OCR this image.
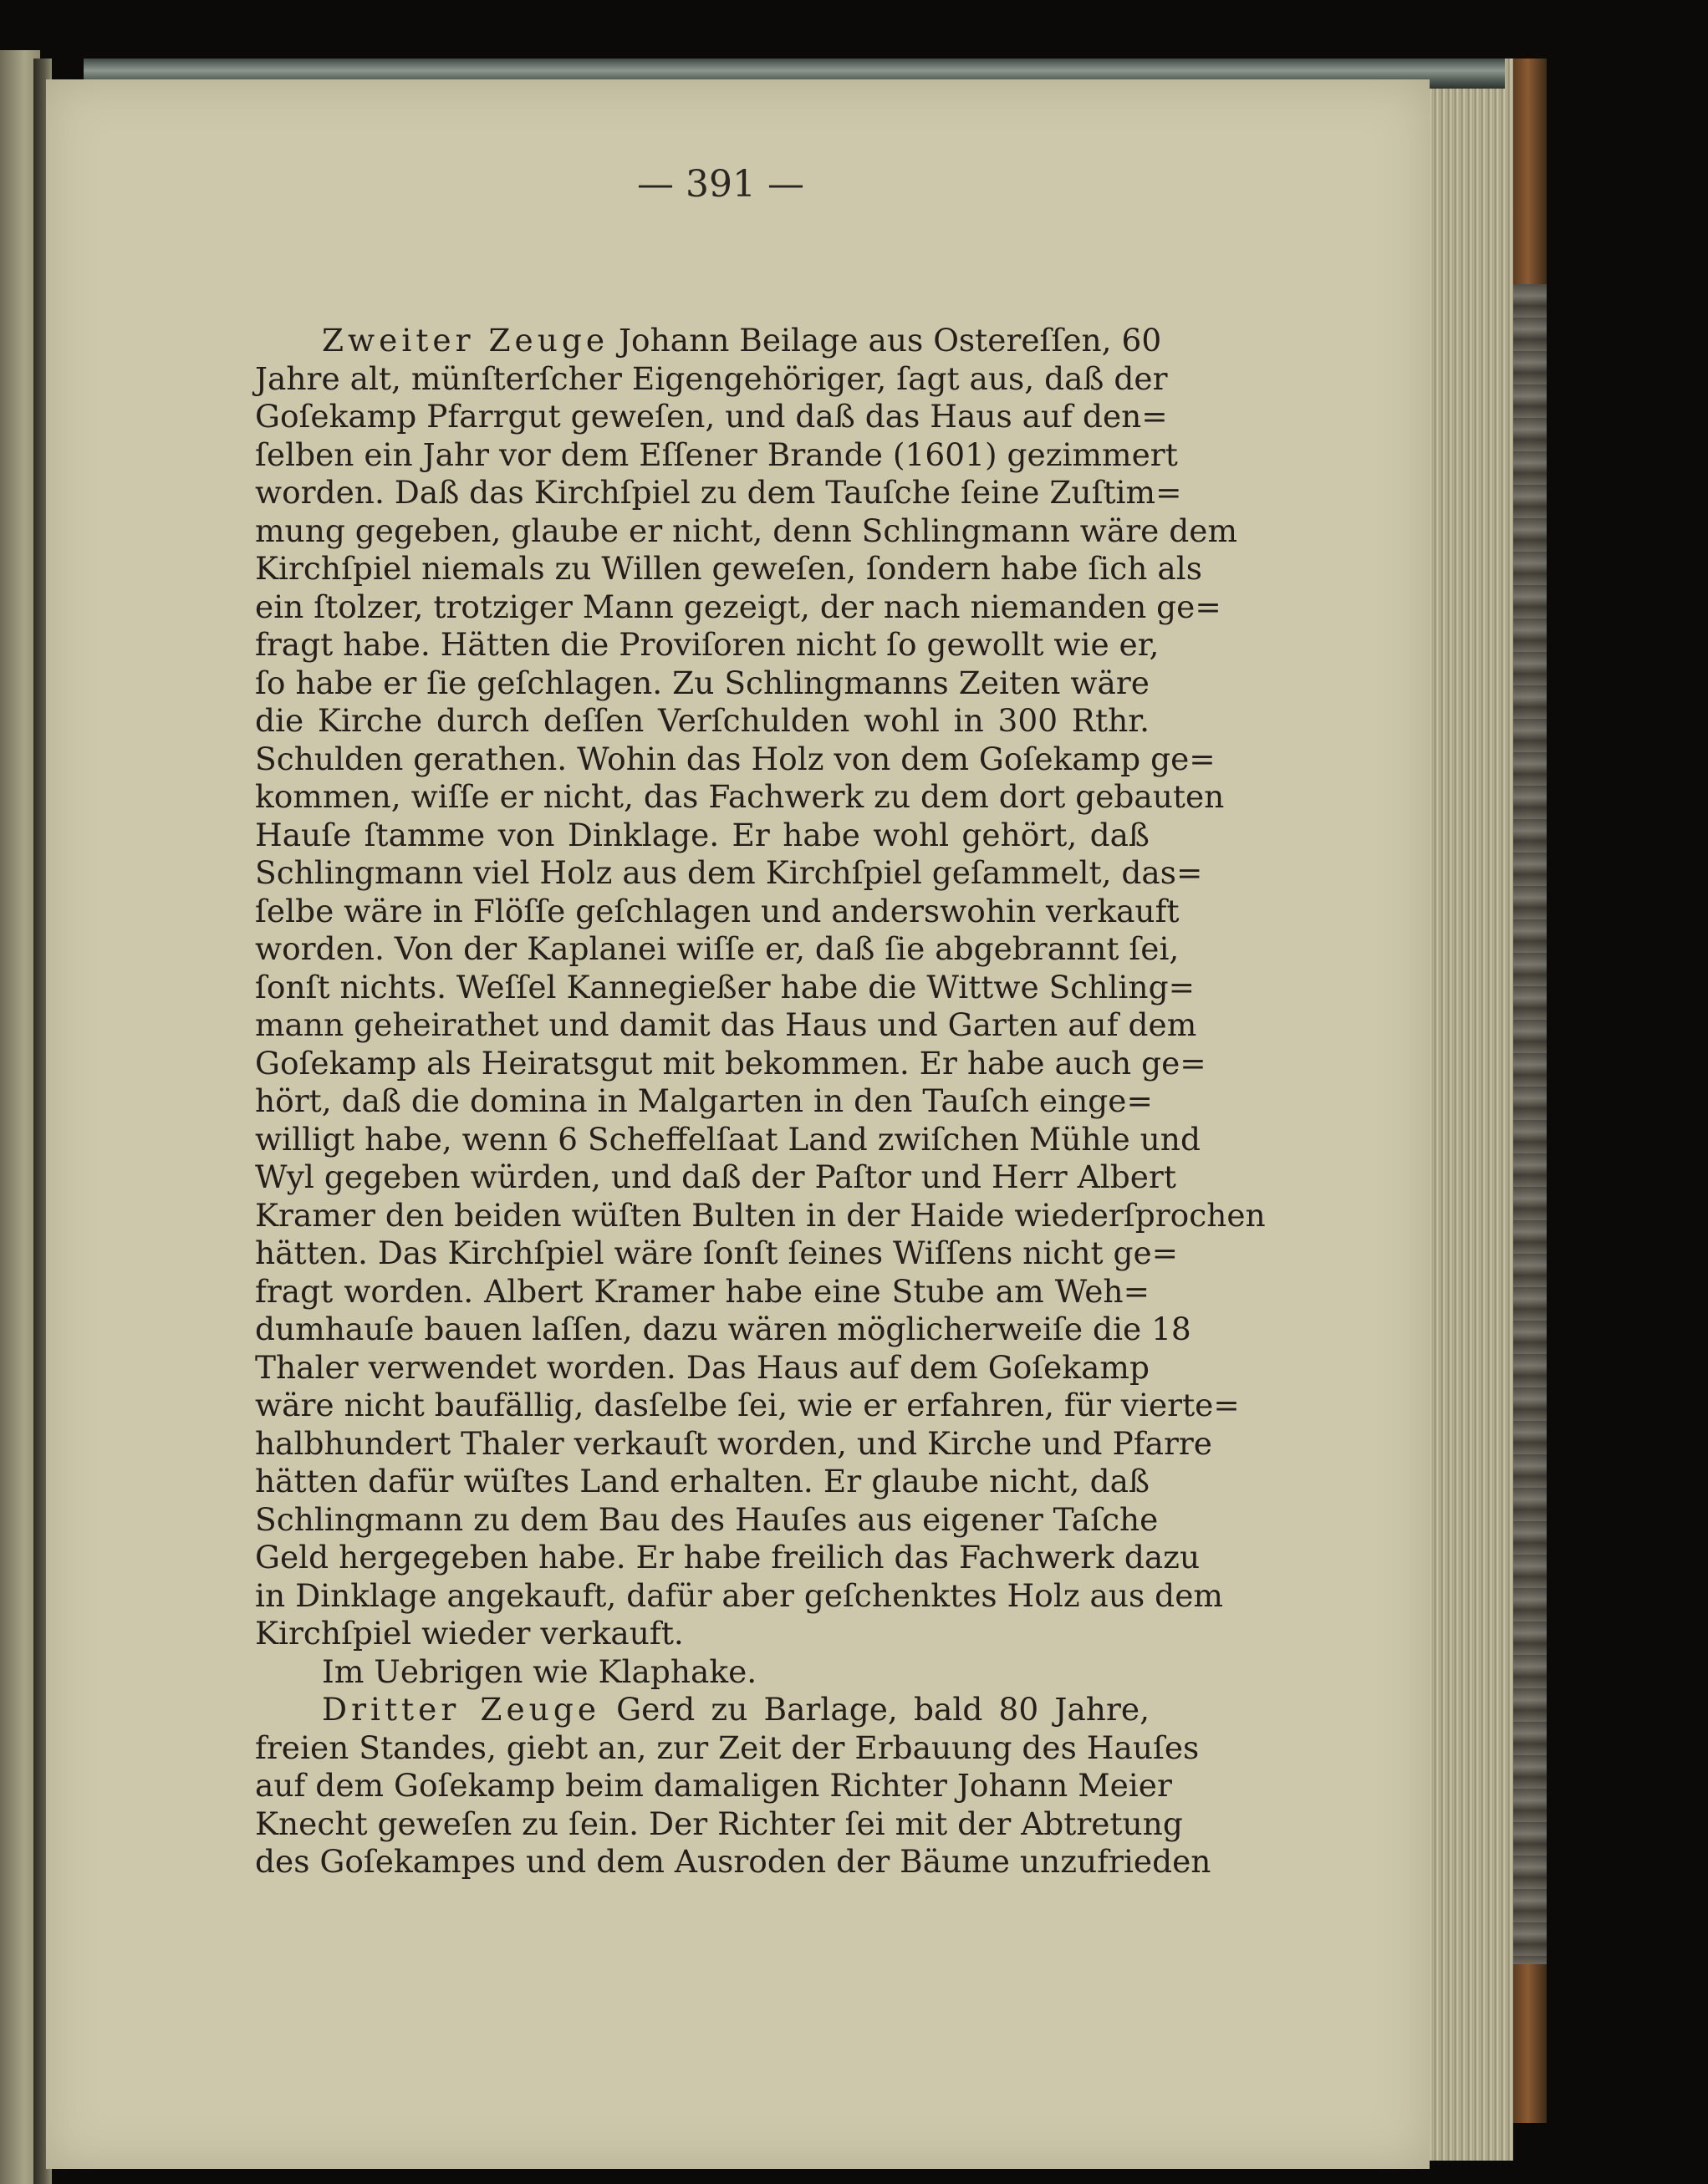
— 391 —
Zweiter Zeuge Johann Beilage aus Ostereſſen, 60
Jahre alt, münſterſcher Eigengehöriger, ſagt aus, daß der
Goſekamp Pfarrgut geweſen, und daß das Haus auf den=
ſelben ein Jahr vor dem Eſſener Brande (1601) gezimmert
worden. Daß das Kirchſpiel zu dem Tauſche ſeine Zuſtim=
mung gegeben, glaube er nicht, denn Schlingmann wäre dem
Kirchſpiel niemals zu Willen geweſen, ſondern habe ſich als
ein ſtolzer, trotziger Mann gezeigt, der nach niemanden ge=
fragt habe. Hätten die Proviſoren nicht ſo gewollt wie er,
ſo habe er ſie geſchlagen. Zu Schlingmanns Zeiten wäre
die Kirche durch deſſen Verſchulden wohl in 300 Rthr.
Schulden gerathen. Wohin das Holz von dem Goſekamp ge=
kommen, wiſſe er nicht, das Fachwerk zu dem dort gebauten
Hauſe ſtamme von Dinklage. Er habe wohl gehört, daß
Schlingmann viel Holz aus dem Kirchſpiel geſammelt, das=
ſelbe wäre in Flöſſe geſchlagen und anderswohin verkauft
worden. Von der Kaplanei wiſſe er, daß ſie abgebrannt ſei,
ſonſt nichts. Weſſel Kannegießer habe die Wittwe Schling=
mann geheirathet und damit das Haus und Garten auf dem
Goſekamp als Heiratsgut mit bekommen. Er habe auch ge=
hört, daß die domina in Malgarten in den Tauſch einge=
willigt habe, wenn 6 Scheffelſaat Land zwiſchen Mühle und
Wyl gegeben würden, und daß der Paſtor und Herr Albert
Kramer den beiden wüſten Bulten in der Haide wiederſprochen
hätten. Das Kirchſpiel wäre ſonſt ſeines Wiſſens nicht ge=
fragt worden. Albert Kramer habe eine Stube am Weh=
dumhauſe bauen laſſen, dazu wären möglicherweiſe die 18
Thaler verwendet worden. Das Haus auf dem Goſekamp
wäre nicht baufällig, dasſelbe ſei, wie er erfahren, für vierte=
halbhundert Thaler verkauſt worden, und Kirche und Pfarre
hätten dafür wüſtes Land erhalten. Er glaube nicht, daß
Schlingmann zu dem Bau des Hauſes aus eigener Taſche
Geld hergegeben habe. Er habe freilich das Fachwerk dazu
in Dinklage angekauft, dafür aber geſchenktes Holz aus dem
Kirchſpiel wieder verkauft.
Im Uebrigen wie Klaphake.
Dritter Zeuge Gerd zu Barlage, bald 80 Jahre,
freien Standes, giebt an, zur Zeit der Erbauung des Hauſes
auf dem Goſekamp beim damaligen Richter Johann Meier
Knecht geweſen zu ſein. Der Richter ſei mit der Abtretung
des Goſekampes und dem Ausroden der Bäume unzufrieden
